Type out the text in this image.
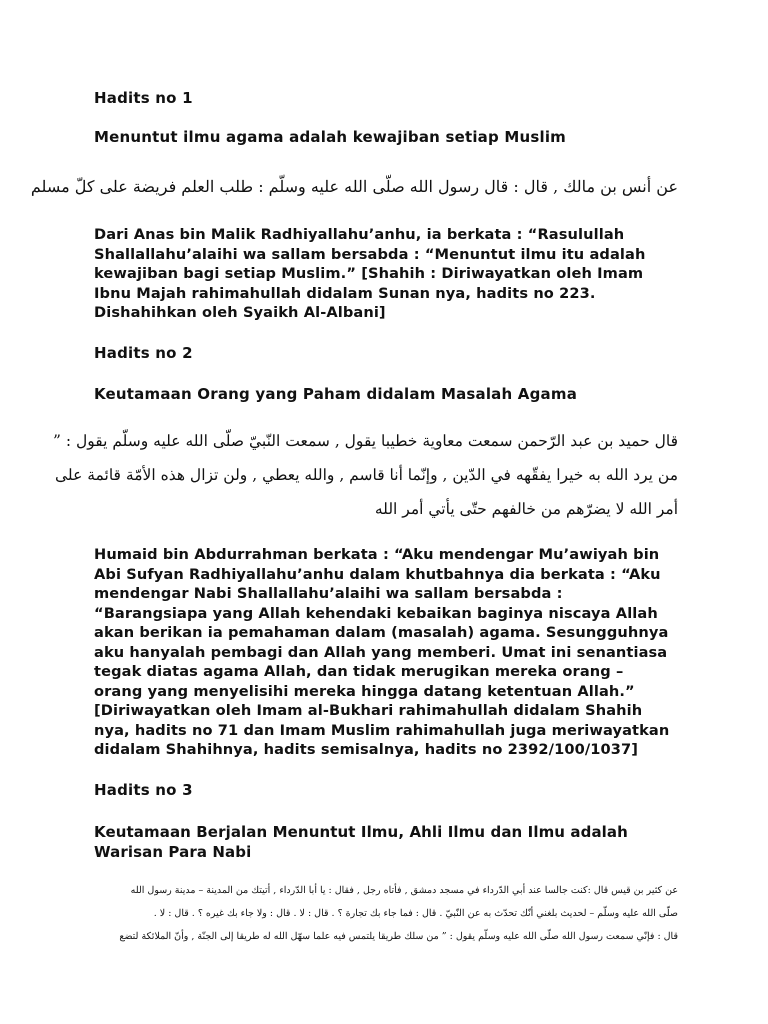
Hadits no 1
Menuntut ilmu agama adalah kewajiban setiap Muslim
عن أنس بن مالك , قال : قال رسول الله صلّى الله عليه وسلّم : طلب العلم فريضة على كلّ مسلم
Dari Anas bin Malik Radhiyallahu’anhu, ia berkata : “Rasulullah
Shallallahu’alaihi wa sallam bersabda : “Menuntut ilmu itu adalah
kewajiban bagi setiap Muslim.” [Shahih : Diriwayatkan oleh Imam
Ibnu Majah rahimahullah didalam Sunan nya, hadits no 223.
Dishahihkan oleh Syaikh Al-Albani]
Hadits no 2
Keutamaan Orang yang Paham didalam Masalah Agama
قال حميد بن عبد الرّحمن سمعت معاوية خطيبا يقول , سمعت النّبيّ صلّى الله عليه وسلّم يقول : ”
من يرد الله به خيرا يفقّهه في الدّين , وإنّما أنا قاسم , والله يعطي , ولن تزال هذه الأمّة قائمة على
أمر الله لا يضرّهم من خالفهم حتّى يأتي أمر الله
Humaid bin Abdurrahman berkata : “Aku mendengar Mu’awiyah bin
Abi Sufyan Radhiyallahu’anhu dalam khutbahnya dia berkata : “Aku
mendengar Nabi Shallallahu’alaihi wa sallam bersabda :
“Barangsiapa yang Allah kehendaki kebaikan baginya niscaya Allah
akan berikan ia pemahaman dalam (masalah) agama. Sesungguhnya
aku hanyalah pembagi dan Allah yang memberi. Umat ini senantiasa
tegak diatas agama Allah, dan tidak merugikan mereka orang –
orang yang menyelisihi mereka hingga datang ketentuan Allah.”
[Diriwayatkan oleh Imam al-Bukhari rahimahullah didalam Shahih
nya, hadits no 71 dan Imam Muslim rahimahullah juga meriwayatkan
didalam Shahihnya, hadits semisalnya, hadits no 2392/100/1037]
Hadits no 3
Keutamaan Berjalan Menuntut Ilmu, Ahli Ilmu dan Ilmu adalah
Warisan Para Nabi
عن كثير بن قيس قال :كنت جالسا عند أبي الدّرداء في مسجد دمشق , فأتاه رجل , فقال : يا أبا الدّرداء , أتيتك من المدينة – مدينة رسول الله
صلّى الله عليه وسلّم – لحديث بلغني أنّك تحدّث به عن النّبيّ . قال : فما جاء بك تجارة ؟ . قال : لا . قال : ولا جاء بك غيره ؟ . قال : لا .
قال : فإنّي سمعت رسول الله صلّى الله عليه وسلّم يقول : ” من سلك طريقا يلتمس فيه علما سهّل الله له طريقا إلى الجنّة , وأنّ الملائكة لتضع
